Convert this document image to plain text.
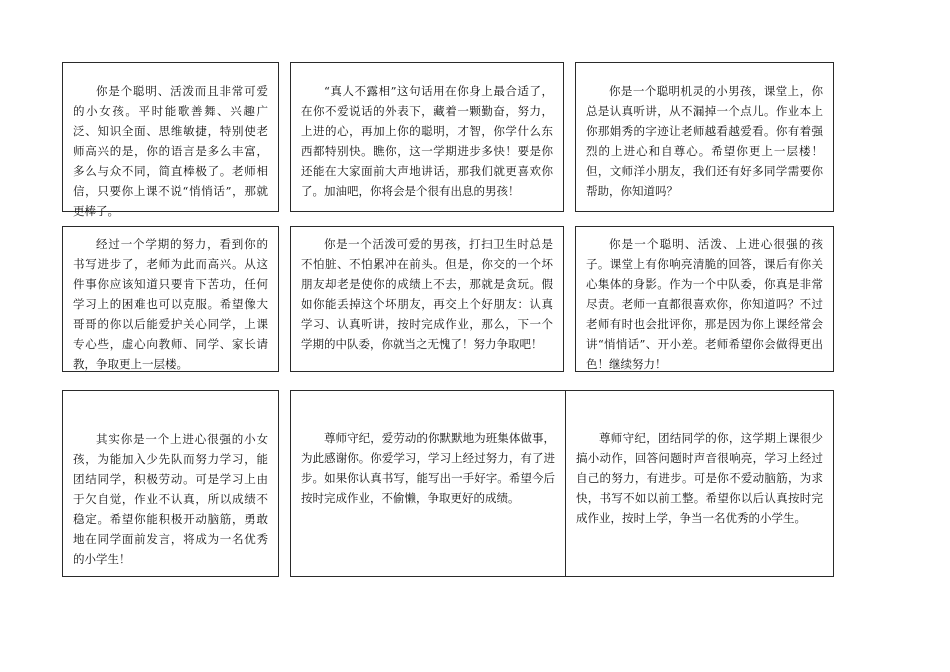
你是个聪明、活泼而且非常可爱的小女孩。平时能歌善舞、兴趣广泛、知识全面、思维敏捷，特别使老师高兴的是，你的语言是多么丰富，多么与众不同，简直棒极了。老师相信，只要你上课不说“悄悄话”，那就更棒了。

“真人不露相”这句话用在你身上最合适了，在你不爱说话的外表下，藏着一颗勤奋，努力，上进的心，再加上你的聪明，才智，你学什么东西都特别快。瞧你，这一学期进步多快！要是你还能在大家面前大声地讲话，那我们就更喜欢你了。加油吧，你将会是个很有出息的男孩！

你是一个聪明机灵的小男孩，课堂上，你总是认真听讲，从不漏掉一个点儿。作业本上你那娟秀的字迹让老师越看越爱看。你有着强烈的上进心和自尊心。希望你更上一层楼！但，文师洋小朋友，我们还有好多同学需要你帮助，你知道吗？

经过一个学期的努力，看到你的书写进步了，老师为此而高兴。从这件事你应该知道只要肯下苦功，任何学习上的困难也可以克服。希望像大哥哥的你以后能爱护关心同学，上课专心些，虚心向教师、同学、家长请教，争取更上一层楼。

你是一个活泼可爱的男孩，打扫卫生时总是不怕脏、不怕累冲在前头。但是，你交的一个坏朋友却老是使你的成绩上不去，那就是贪玩。假如你能丢掉这个坏朋友，再交上个好朋友：认真学习、认真听讲，按时完成作业，那么，下一个学期的中队委，你就当之无愧了！努力争取吧！

你是一个聪明、活泼、上进心很强的孩子。课堂上有你响亮清脆的回答，课后有你关心集体的身影。作为一个中队委，你真是非常尽责。老师一直都很喜欢你，你知道吗？不过老师有时也会批评你，那是因为你上课经常会讲“悄悄话”、开小差。老师希望你会做得更出色！继续努力！

其实你是一个上进心很强的小女孩，为能加入少先队而努力学习，能团结同学，积极劳动。可是学习上由于欠自觉，作业不认真，所以成绩不稳定。希望你能积极开动脑筋，勇敢地在同学面前发言，将成为一名优秀的小学生！

尊师守纪，爱劳动的你默默地为班集体做事，为此感谢你。你爱学习，学习上经过努力，有了进步。如果你认真书写，能写出一手好字。希望今后按时完成作业，不偷懒，争取更好的成绩。

尊师守纪，团结同学的你，这学期上课很少搞小动作，回答问题时声音很响亮，学习上经过自己的努力，有进步。可是你不爱动脑筋，为求快，书写不如以前工整。希望你以后认真按时完成作业，按时上学，争当一名优秀的小学生。
